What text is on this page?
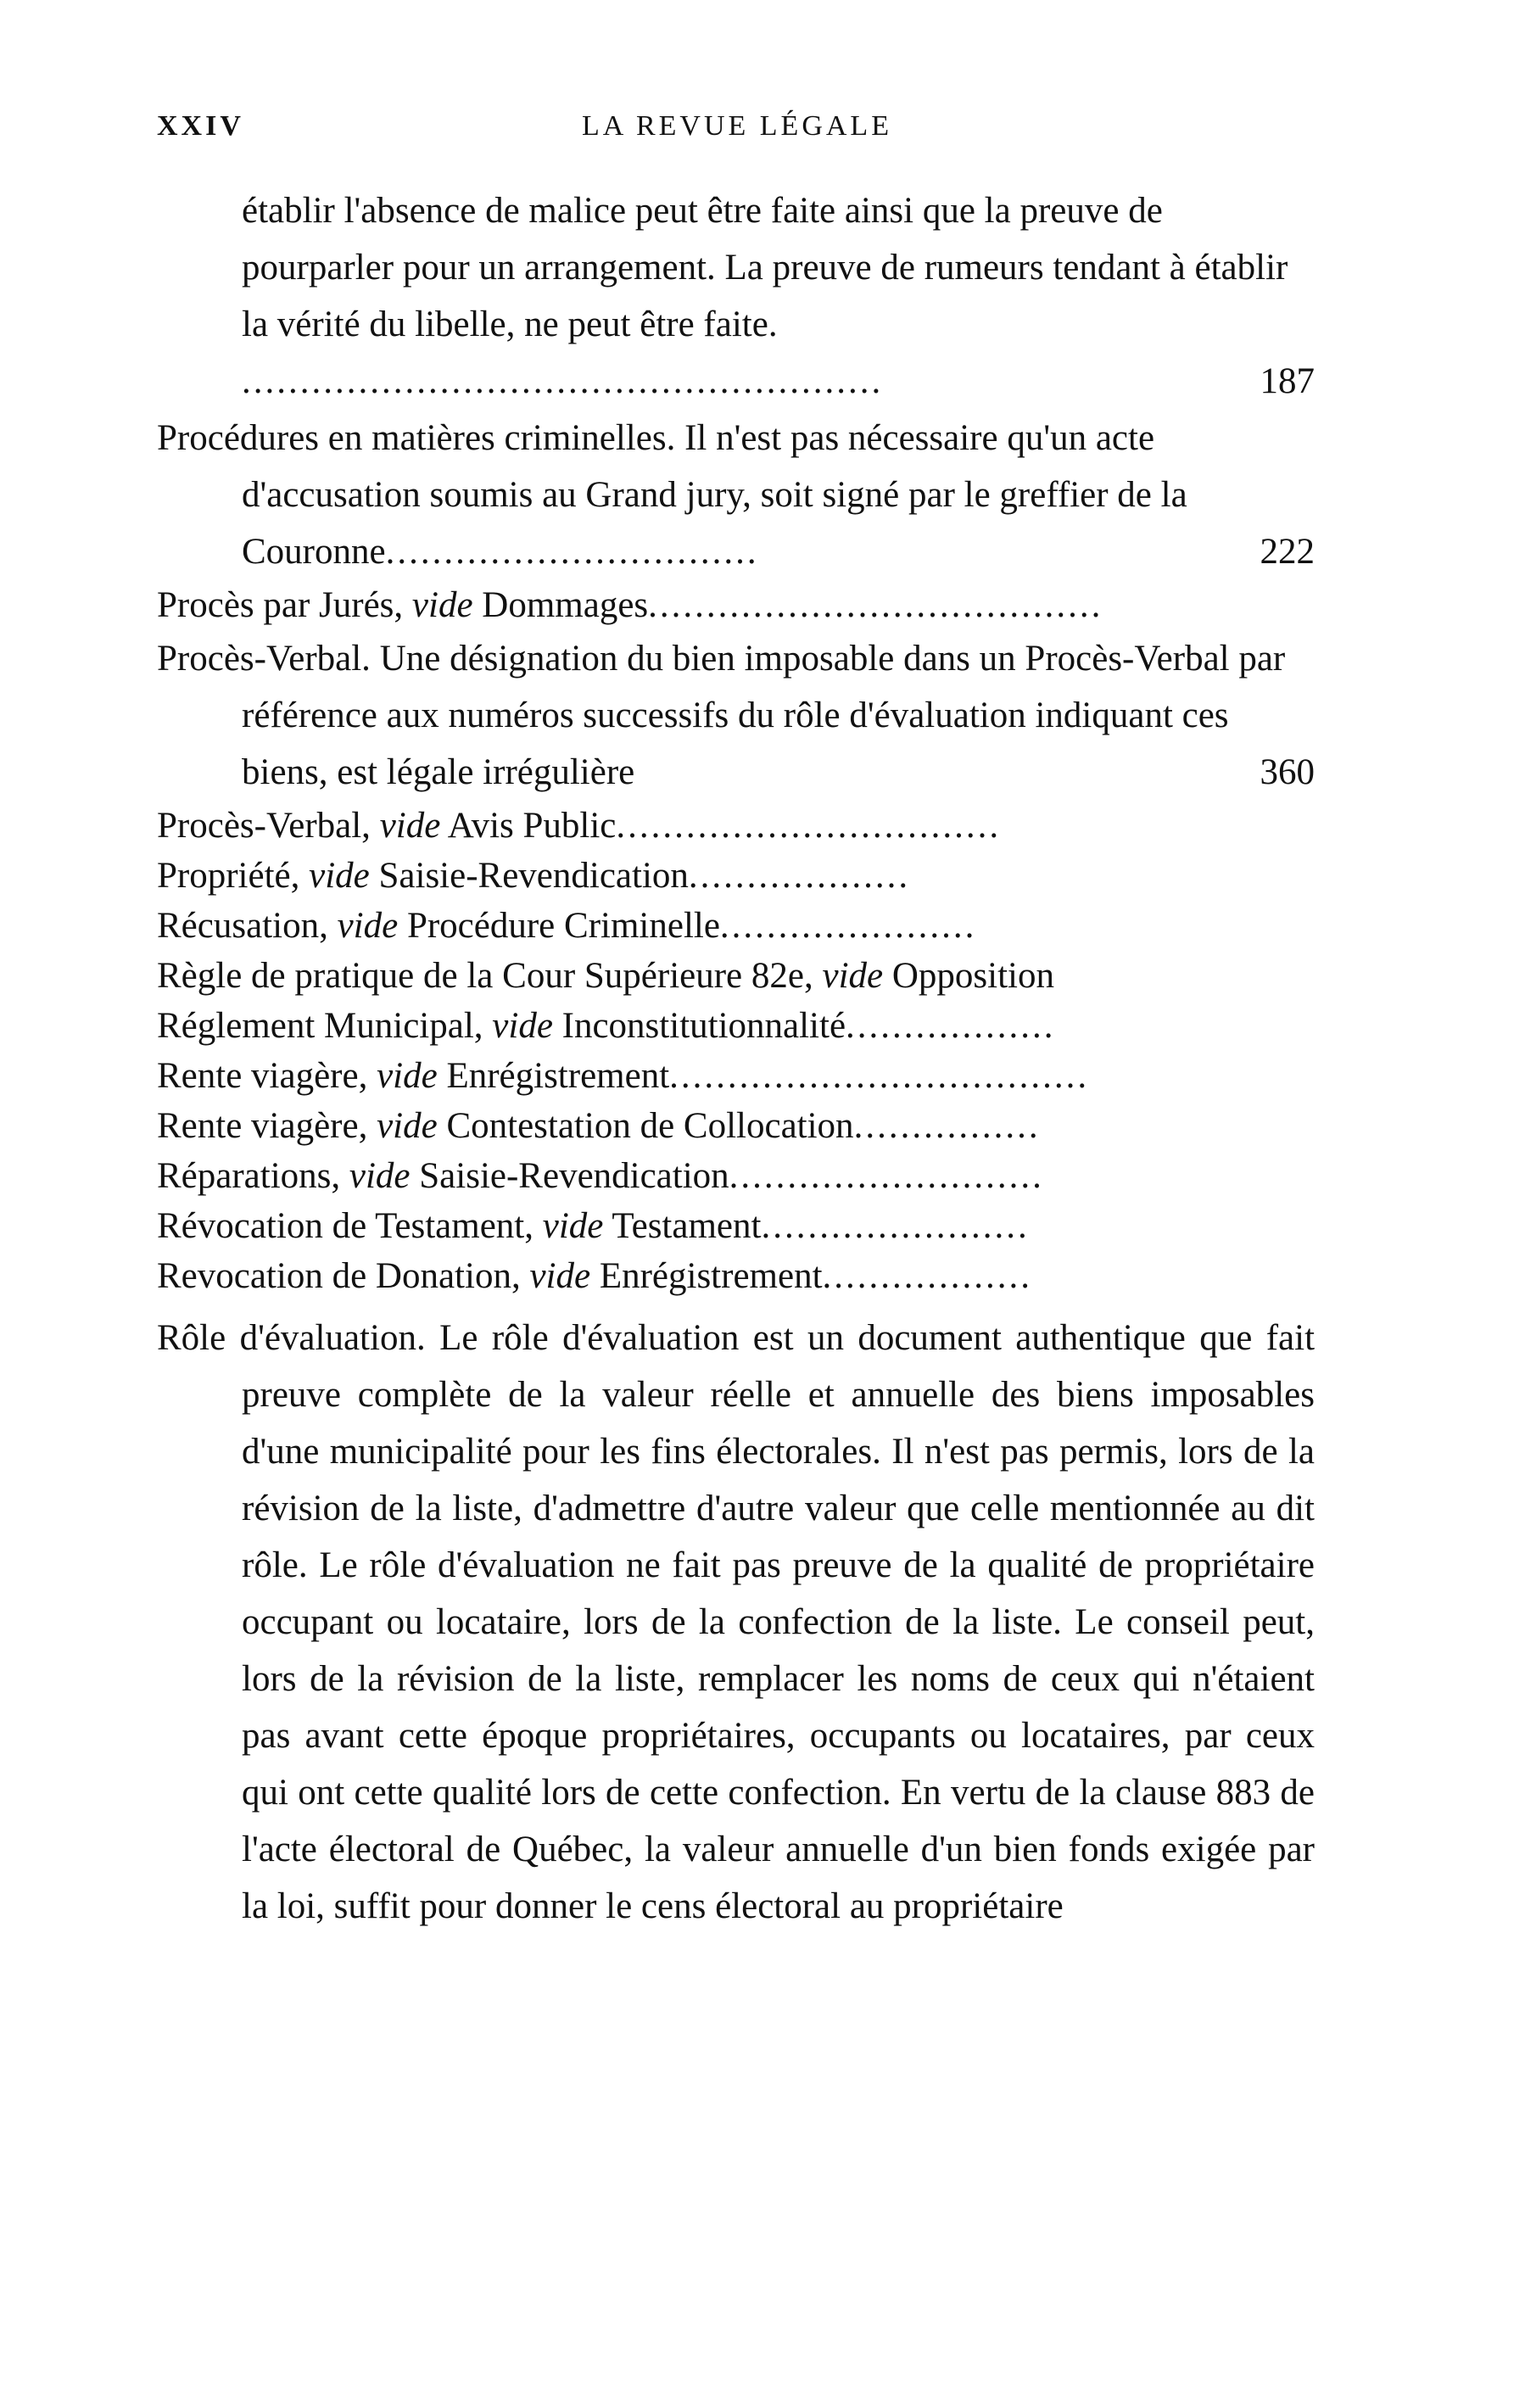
XXIV	LA REVUE LÉGALE
établir l'absence de malice peut être faite ainsi que la preuve de pourparler pour un arrangement. La preuve de rumeurs tendant à établir la vérité du libelle, ne peut être faite. .......................................................	187
Procédures en matières criminelles. Il n'est pas nécessaire qu'un acte d'accusation soumis au Grand jury, soit signé par le greffier de la Couronne................................	222
Procès par Jurés, vide Dommages.......................................
Procès-Verbal. Une désignation du bien imposable dans un Procès-Verbal par référence aux numéros successifs du rôle d'évaluation indiquant ces biens, est légale irrégulière	360
Procès-Verbal, vide Avis Public.................................
Propriété, vide Saisie-Revendication...................
Récusation, vide Procédure Criminelle......................
Règle de pratique de la Cour Supérieure 82e, vide Opposition
Réglement Municipal, vide Inconstitutionnalité..................
Rente viagère, vide Enrégistrement....................................
Rente viagère, vide Contestation de Collocation................
Réparations, vide Saisie-Revendication...........................
Révocation de Testament, vide Testament.......................
Revocation de Donation, vide Enrégistrement..................
Rôle d'évaluation. Le rôle d'évaluation est un document authentique que fait preuve complète de la valeur réelle et annuelle des biens imposables d'une municipalité pour les fins électorales. Il n'est pas permis, lors de la révision de la liste, d'admettre d'autre valeur que celle mentionnée au dit rôle. Le rôle d'évaluation ne fait pas preuve de la qualité de propriétaire occupant ou locataire, lors de la confection de la liste. Le conseil peut, lors de la révision de la liste, remplacer les noms de ceux qui n'étaient pas avant cette époque propriétaires, occupants ou locataires, par ceux qui ont cette qualité lors de cette confection. En vertu de la clause 883 de l'acte électoral de Québec, la valeur annuelle d'un bien fonds exigée par la loi, suffit pour donner le cens électoral au propriétaire
